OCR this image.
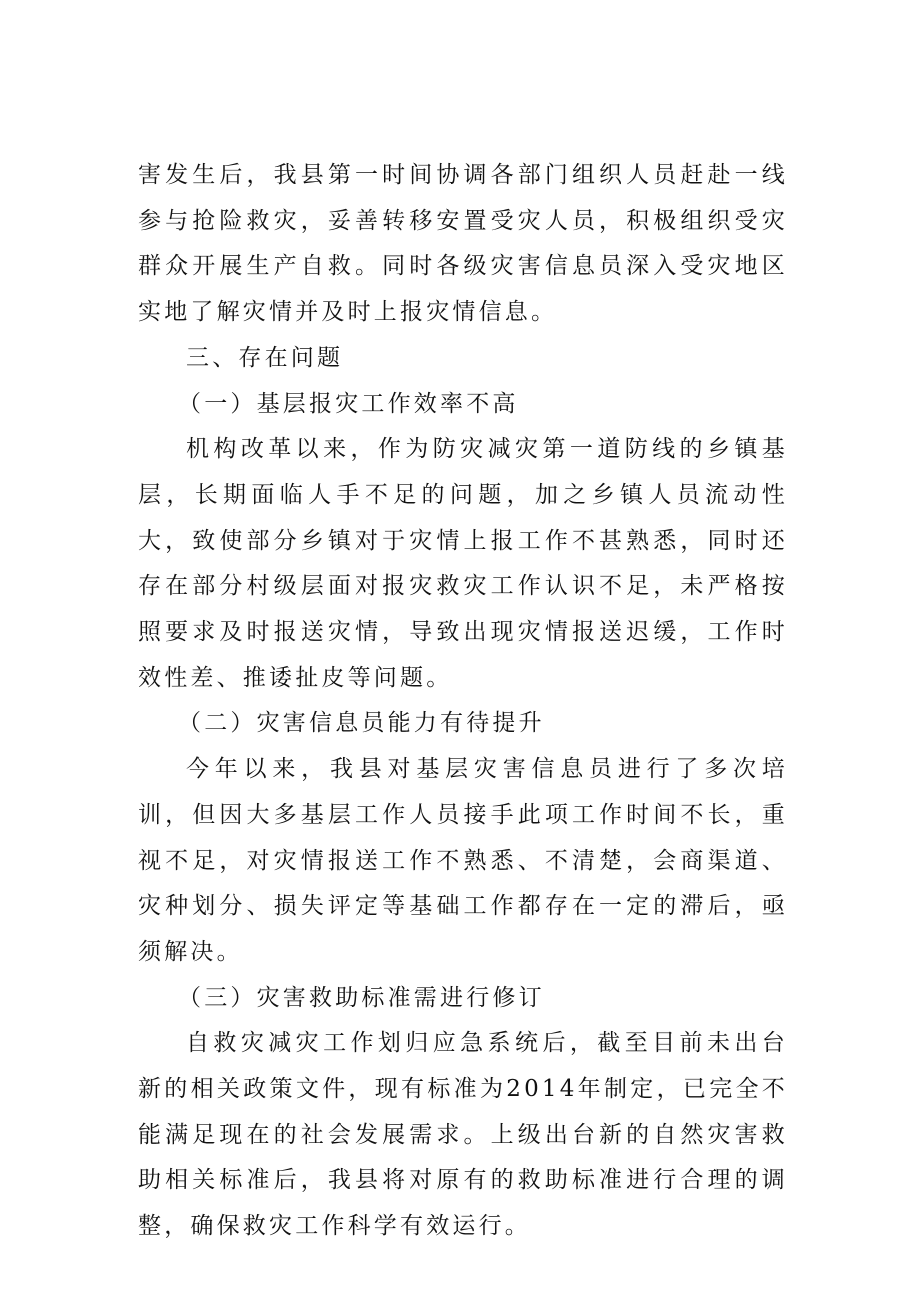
害发生后，我县第一时间协调各部门组织人员赶赴一线参与抢险救灾，妥善转移安置受灾人员，积极组织受灾群众开展生产自救。同时各级灾害信息员深入受灾地区实地了解灾情并及时上报灾情信息。

三、存在问题

（一）基层报灾工作效率不高

机构改革以来，作为防灾减灾第一道防线的乡镇基层，长期面临人手不足的问题，加之乡镇人员流动性大，致使部分乡镇对于灾情上报工作不甚熟悉，同时还存在部分村级层面对报灾救灾工作认识不足，未严格按照要求及时报送灾情，导致出现灾情报送迟缓，工作时效性差、推诿扯皮等问题。

（二）灾害信息员能力有待提升

今年以来，我县对基层灾害信息员进行了多次培训，但因大多基层工作人员接手此项工作时间不长，重视不足，对灾情报送工作不熟悉、不清楚，会商渠道、灾种划分、损失评定等基础工作都存在一定的滞后，亟须解决。

（三）灾害救助标准需进行修订

自救灾减灾工作划归应急系统后，截至目前未出台新的相关政策文件，现有标准为2014年制定，已完全不能满足现在的社会发展需求。上级出台新的自然灾害救助相关标准后，我县将对原有的救助标准进行合理的调整，确保救灾工作科学有效运行。
